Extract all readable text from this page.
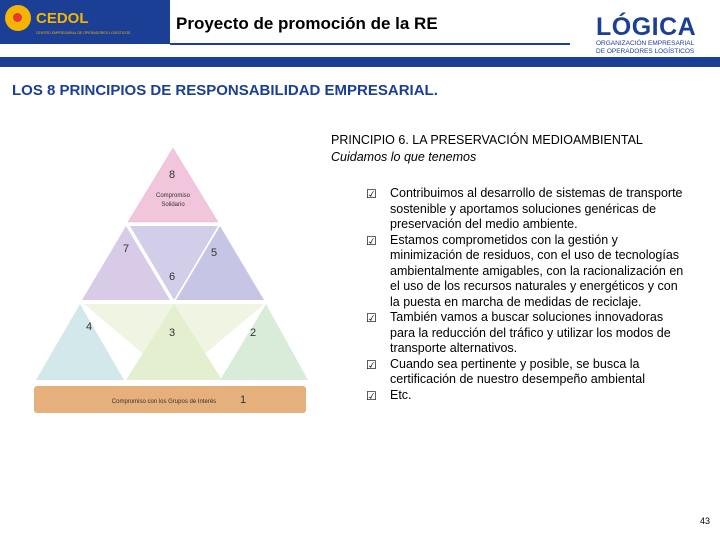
CEDOL
CENTRO EMPRESARIAL DE OPERADORES LOGÍSTICOS	Proyecto de promoción de la RE	LÓGICA
ORGANIZACIÓN EMPRESARIAL
DE OPERADORES LOGÍSTICOS
LOS 8 PRINCIPIOS DE RESPONSABILIDAD EMPRESARIAL.
8
7
6
5
4	3	2
1
Compromiso
Solidario
Compromiso con los Grupos de Interés
PRINCIPIO 6. LA PRESERVACIÓN MEDIOAMBIENTAL
Cuidamos lo que tenemos
☑ Contribuimos al desarrollo de sistemas de transporte sostenible y aportamos soluciones genéricas de preservación del medio ambiente.
☑ Estamos comprometidos con la gestión y minimización de residuos, con el uso de tecnologías ambientalmente amigables, con la racionalización en el uso de los recursos naturales y energéticos y con la puesta en marcha de medidas de reciclaje.
☑ También vamos a buscar soluciones innovadoras para la reducción del tráfico y utilizar los modos de transporte alternativos.
☑ Cuando sea pertinente y posible, se busca la certificación de nuestro desempeño ambiental
☑ Etc.
43
